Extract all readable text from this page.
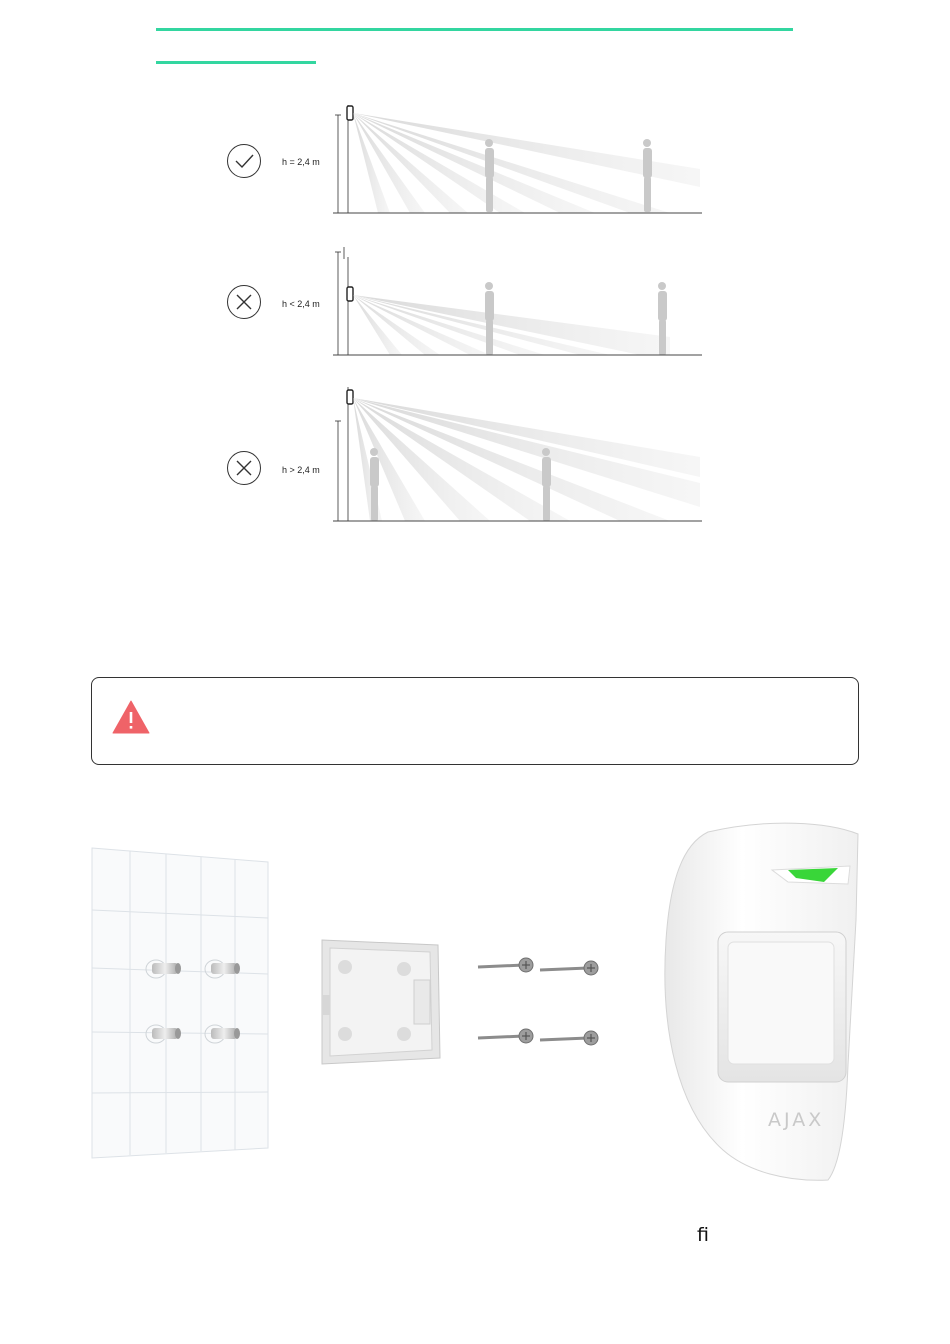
h = 2,4 m
h < 2,4 m
h > 2,4 m
AJAX
ﬁ
